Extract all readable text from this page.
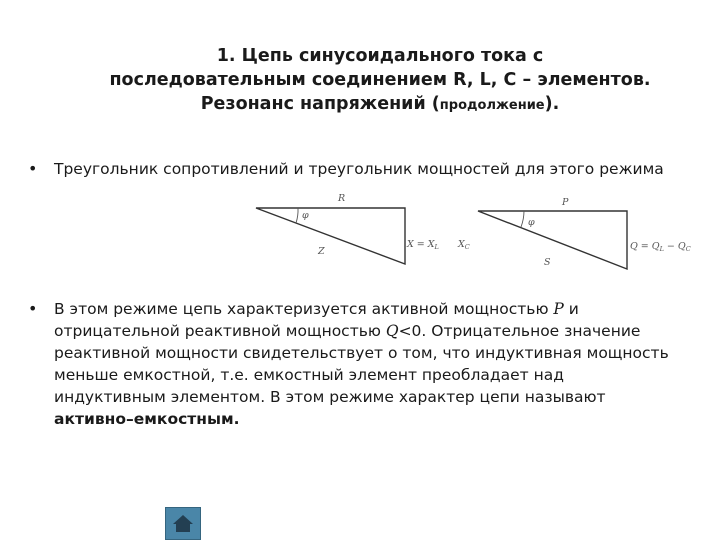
1. Цепь синусоидального тока с
последовательным соединением R, L, C – элементов.
Резонанс напряжений (продолжение).
•	Треугольник сопротивлений и треугольник мощностей для этого режима
R
φ
Z
$X = X_L$ $X_C$
P
φ
S
$Q = Q_L - Q_C$
•	В этом режиме цепь характеризуется активной мощностью P и отрицательной реактивной мощностью Q<0. Отрицательное значение реактивной мощности свидетельствует о том, что индуктивная мощность меньше емкостной, т.е. емкостный элемент преобладает над индуктивным элементом. В этом режиме характер цепи называют активно–емкостным.
